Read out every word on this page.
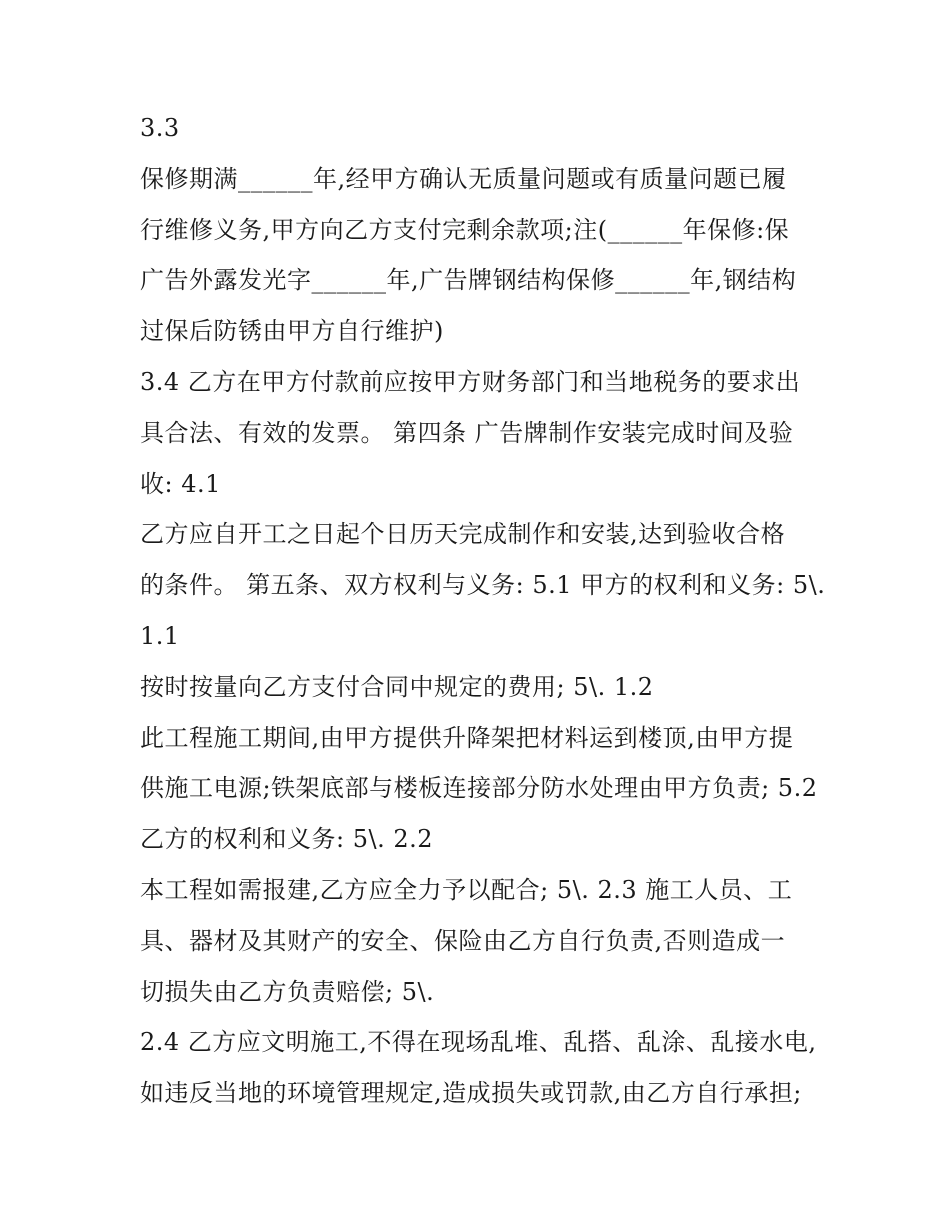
3.3
保修期满______年,经甲方确认无质量问题或有质量问题已履
行维修义务,甲方向乙方支付完剩余款项;注(______年保修:保
广告外露发光字______年,广告牌钢结构保修______年,钢结构
过保后防锈由甲方自行维护)
3.4 乙方在甲方付款前应按甲方财务部门和当地税务的要求出
具合法、有效的发票。 第四条 广告牌制作安装完成时间及验
收: 4.1
乙方应自开工之日起个日历天完成制作和安装,达到验收合格
的条件。 第五条、双方权利与义务: 5.1 甲方的权利和义务: 5\.
1.1
按时按量向乙方支付合同中规定的费用; 5\. 1.2
此工程施工期间,由甲方提供升降架把材料运到楼顶,由甲方提
供施工电源;铁架底部与楼板连接部分防水处理由甲方负责; 5.2
乙方的权利和义务: 5\. 2.2
本工程如需报建,乙方应全力予以配合; 5\. 2.3 施工人员、工
具、器材及其财产的安全、保险由乙方自行负责,否则造成一
切损失由乙方负责赔偿; 5\.
2.4 乙方应文明施工,不得在现场乱堆、乱搭、乱涂、乱接水电,
如违反当地的环境管理规定,造成损失或罚款,由乙方自行承担;
